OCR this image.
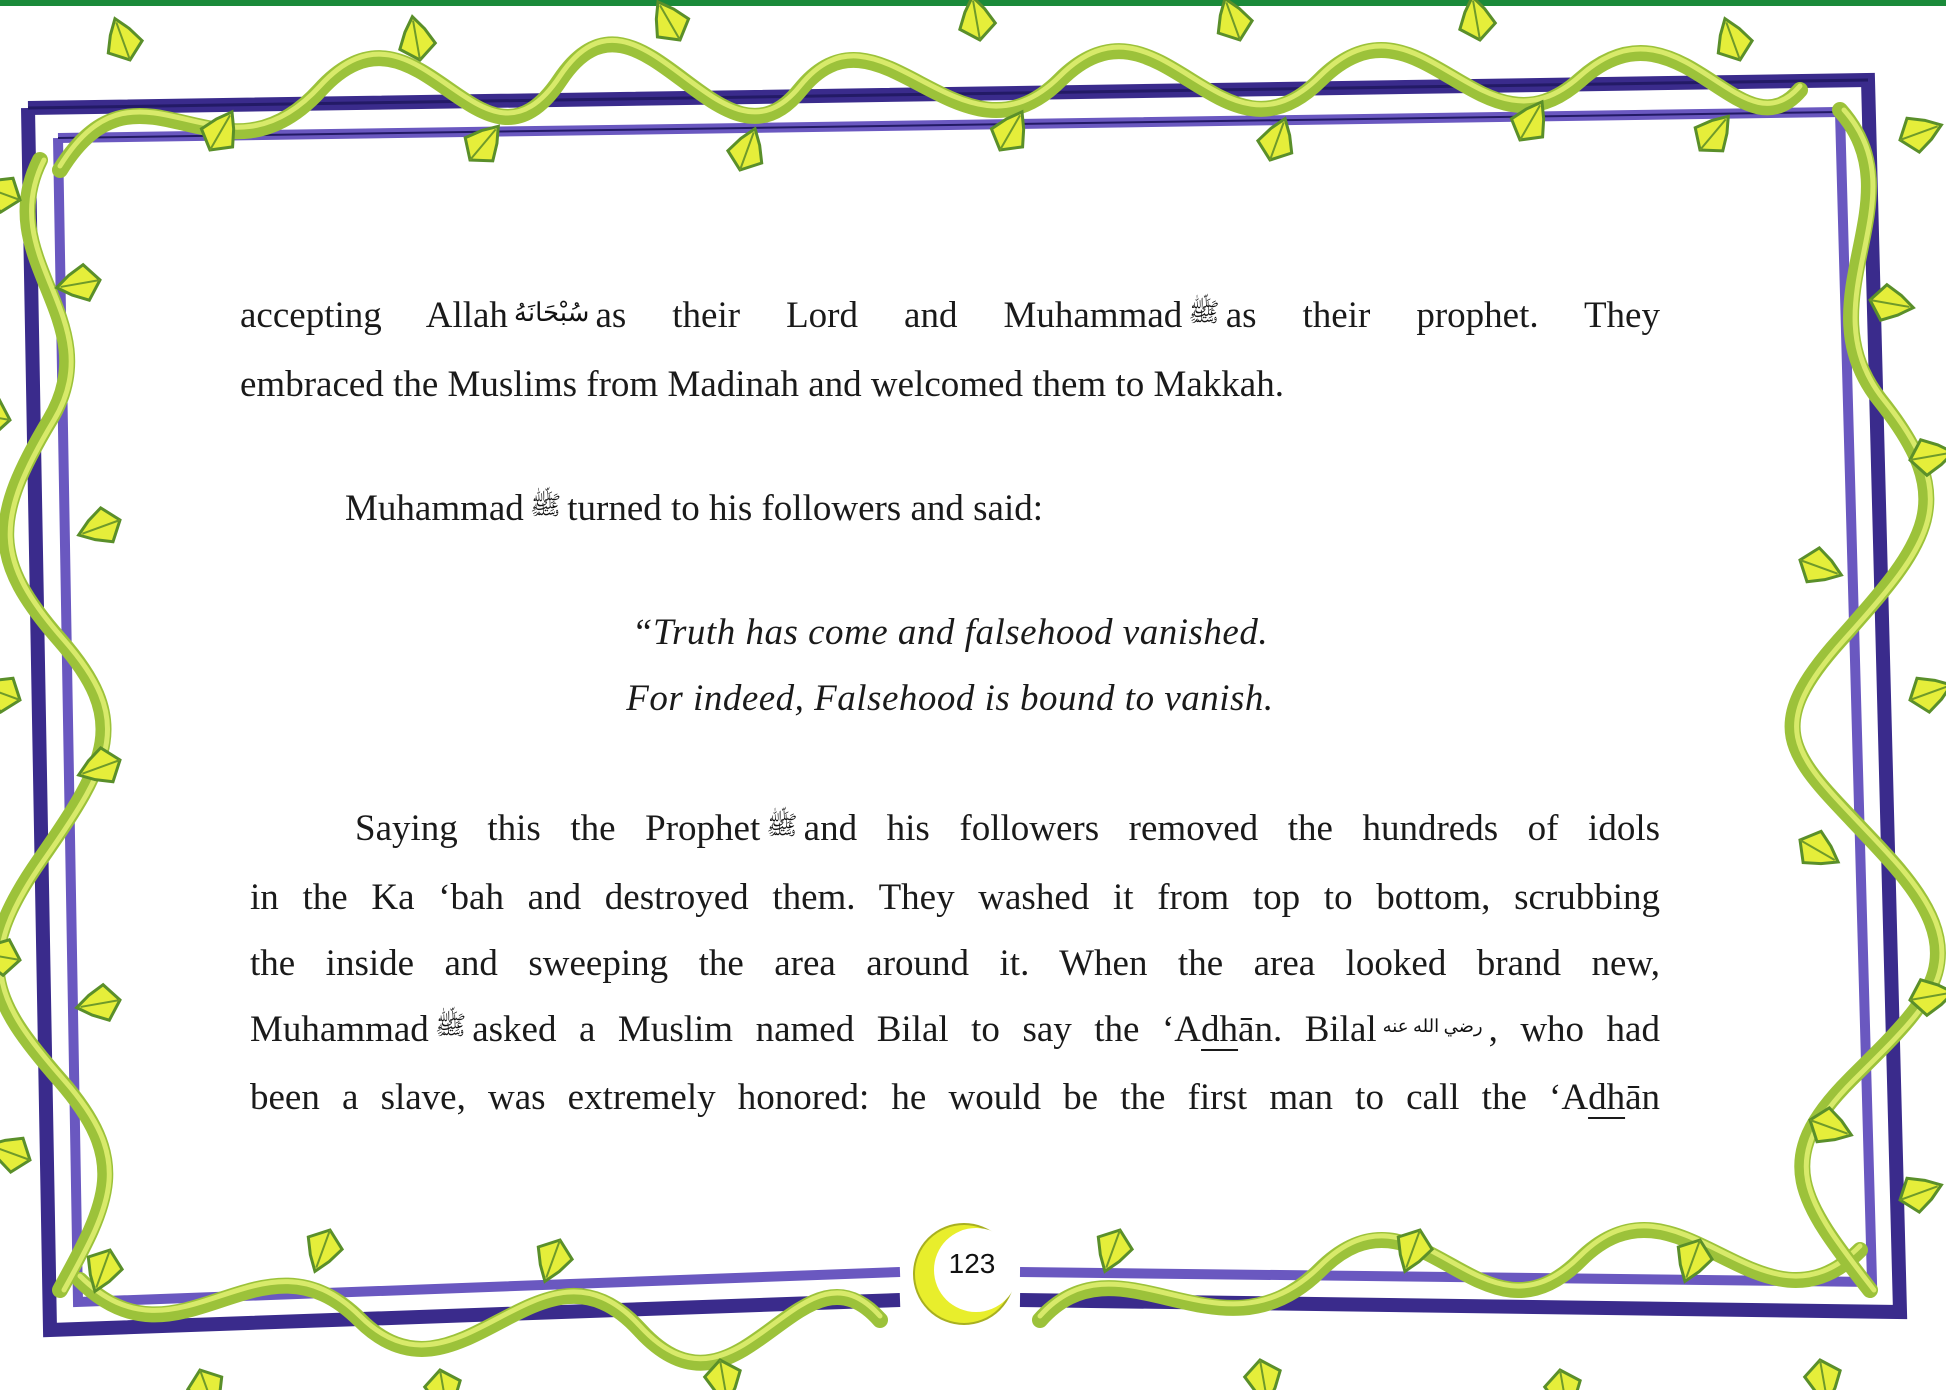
accepting Allah سُبْحَانَهُ as their Lord and Muhammad ﷺ as their prophet. They
embraced the Muslims from Madinah and welcomed them to Makkah.
Muhammad ﷺ turned to his followers and said:
“Truth has come and falsehood vanished.
For indeed, Falsehood is bound to vanish.
Saying this the Prophet ﷺ and his followers removed the hundreds of idols
in the Ka ‘bah and destroyed them. They washed it from top to bottom, scrubbing
the inside and sweeping the area around it. When the area looked brand new,
Muhammad ﷺ asked a Muslim named Bilal to say the ‘Adhān. Bilal رضي الله عنه , who had
been a slave, was extremely honored: he would be the first man to call the ‘Adhān
123
